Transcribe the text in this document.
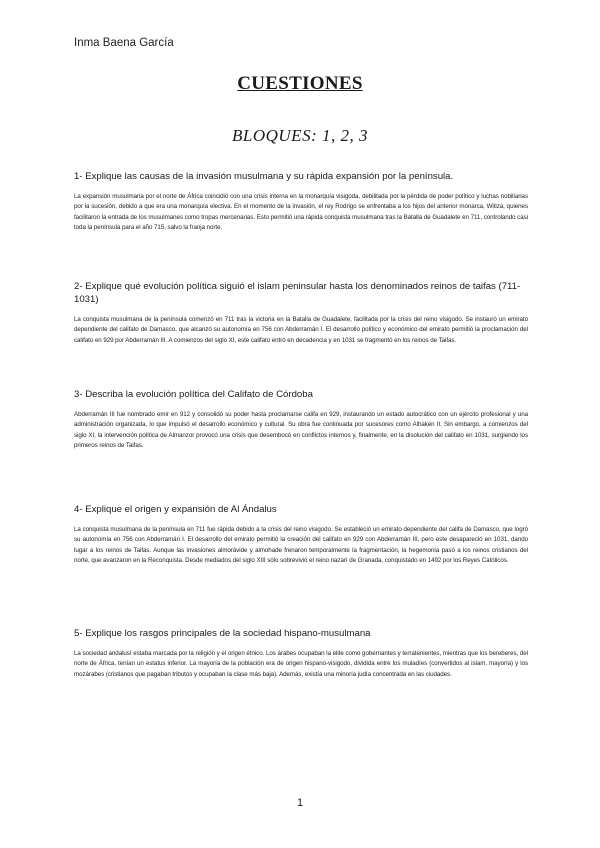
Inma Baena García
CUESTIONES
BLOQUES: 1, 2, 3

1- Explique las causas de la invasión musulmana y su rápida expansión por la península.

La expansión musulmana por el norte de África coincidió con una crisis interna en la monarquía visigoda, debilitada por la pérdida de poder político y luchas nobiliarias por la sucesión, debido a que era una monarquía electiva. En el momento de la invasión, el rey Rodrigo se enfrentaba a los hijos del anterior monarca, Witiza, quienes facilitaron la entrada de los musulmanes como tropas mercenarias. Esto permitió una rápida conquista musulmana tras la Batalla de Guadalete en 711, controlando casi toda la península para el año 715, salvo la franja norte.

2- Explique qué evolución política siguió el islam peninsular hasta los denominados reinos de taifas (711- 1031)

La conquista musulmana de la península comenzó en 711 tras la victoria en la Batalla de Guadalete, facilitada por la crisis del reino visigodo. Se instauró un emirato dependiente del califato de Damasco, que alcanzó su autonomía en 756 con Abderramán I. El desarrollo político y económico del emirato permitió la proclamación del califato en 929 por Abderramán III. A comienzos del siglo XI, este califato entró en decadencia y en 1031 se fragmentó en los reinos de Taifas.

3- Describa la evolución política del Califato de Córdoba

Abderramán III fue nombrado emir en 912 y consolidó su poder hasta proclamarse califa en 929, instaurando un estado autocrático con un ejército profesional y una administración organizada, lo que impulsó el desarrollo económico y cultural. Su obra fue continuada por sucesores como Alhakén II. Sin embargo, a comienzos del siglo XI, la intervención política de Almanzor provocó una crisis que desembocó en conflictos internos y, finalmente, en la disolución del califato en 1031, surgiendo los primeros reinos de Taifas.

4- Explique el origen y expansión de Al Ándalus

La conquista musulmana de la península en 711 fue rápida debido a la crisis del reino visigodo. Se estableció un emirato dependiente del califa de Damasco, que logró su autonomía en 756 con Abderramán I. El desarrollo del emirato permitió la creación del califato en 929 con Abderramán III, pero este desapareció en 1031, dando lugar a los reinos de Taifas. Aunque las invasiones almorávide y almohade frenaron temporalmente la fragmentación, la hegemonía pasó a los reinos cristianos del norte, que avanzaron en la Reconquista. Desde mediados del siglo XIII sólo sobrevivió el reino nazarí de Granada, conquistado en 1492 por los Reyes Católicos.

5- Explique los rasgos principales de la sociedad hispano-musulmana

La sociedad andalusí estaba marcada por la religión y el origen étnico. Los árabes ocupaban la élite como gobernantes y terratenientes, mientras que los bereberes, del norte de África, tenían un estatus inferior. La mayoría de la población era de origen hispano-visigodo, dividida entre los muladíes (convertidos al islam, mayoría) y los mozárabes (cristianos que pagaban tributos y ocupaban la clase más baja). Además, existía una minoría judía concentrada en las ciudades.

1
